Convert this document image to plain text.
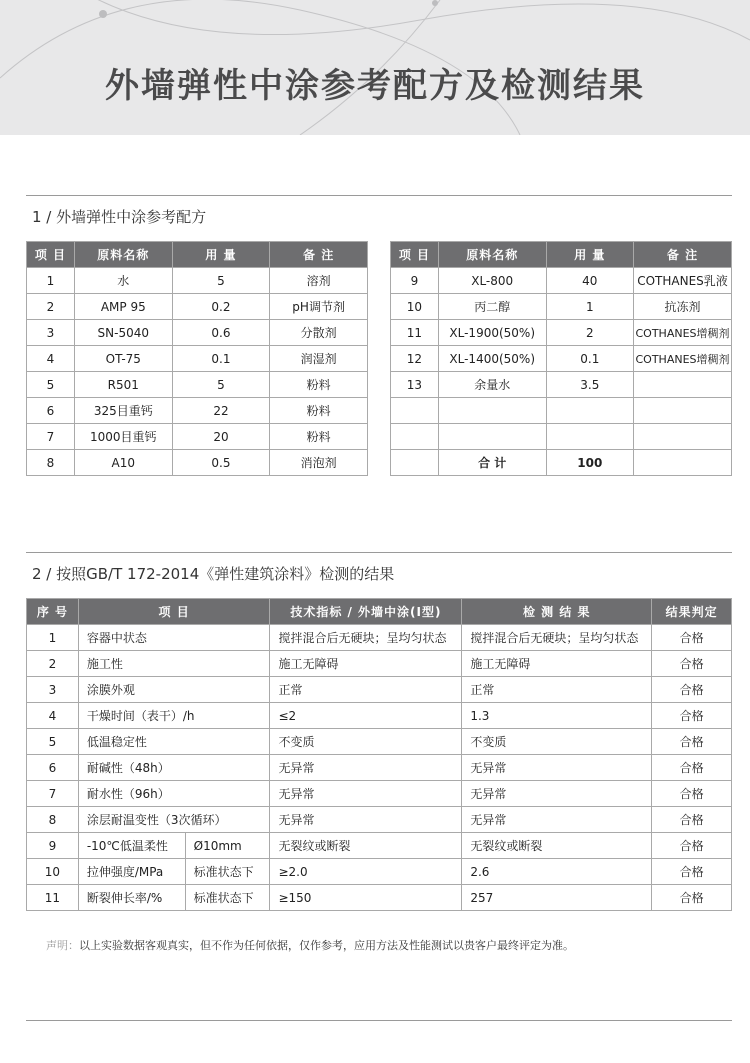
外墙弹性中涂参考配方及检测结果
1 / 外墙弹性中涂参考配方
项 目	原料名称	用 量	备 注
1	水	5	溶剂
2	AMP 95	0.2	pH调节剂
3	SN-5040	0.6	分散剂
4	OT-75	0.1	润湿剂
5	R501	5	粉料
6	325目重钙	22	粉料
7	1000目重钙	20	粉料
8	A10	0.5	消泡剂
项 目	原料名称	用 量	备 注
9	XL-800	40	COTHANES乳液
10	丙二醇	1	抗冻剂
11	XL-1900(50%)	2	COTHANES增稠剂
12	XL-1400(50%)	0.1	COTHANES增稠剂
13	余量水	3.5	

	合 计	100	
2 / 按照GB/T 172-2014《弹性建筑涂料》检测的结果
序 号	项 目		技术指标 / 外墙中涂(Ⅰ型)	检 测 结 果	结果判定
1	容器中状态		搅拌混合后无硬块；呈均匀状态	搅拌混合后无硬块；呈均匀状态	合格
2	施工性		施工无障碍	施工无障碍	合格
3	涂膜外观		正常	正常	合格
4	干燥时间（表干）/h		≤2	1.3	合格
5	低温稳定性		不变质	不变质	合格
6	耐碱性（48h）		无异常	无异常	合格
7	耐水性（96h）		无异常	无异常	合格
8	涂层耐温变性（3次循环）		无异常	无异常	合格
9	-10℃低温柔性	Ø10mm	无裂纹或断裂	无裂纹或断裂	合格
10	拉伸强度/MPa	标准状态下	≥2.0	2.6	合格
11	断裂伸长率/%	标准状态下	≥150	257	合格
声明：以上实验数据客观真实，但不作为任何依据，仅作参考，应用方法及性能测试以贵客户最终评定为准。
